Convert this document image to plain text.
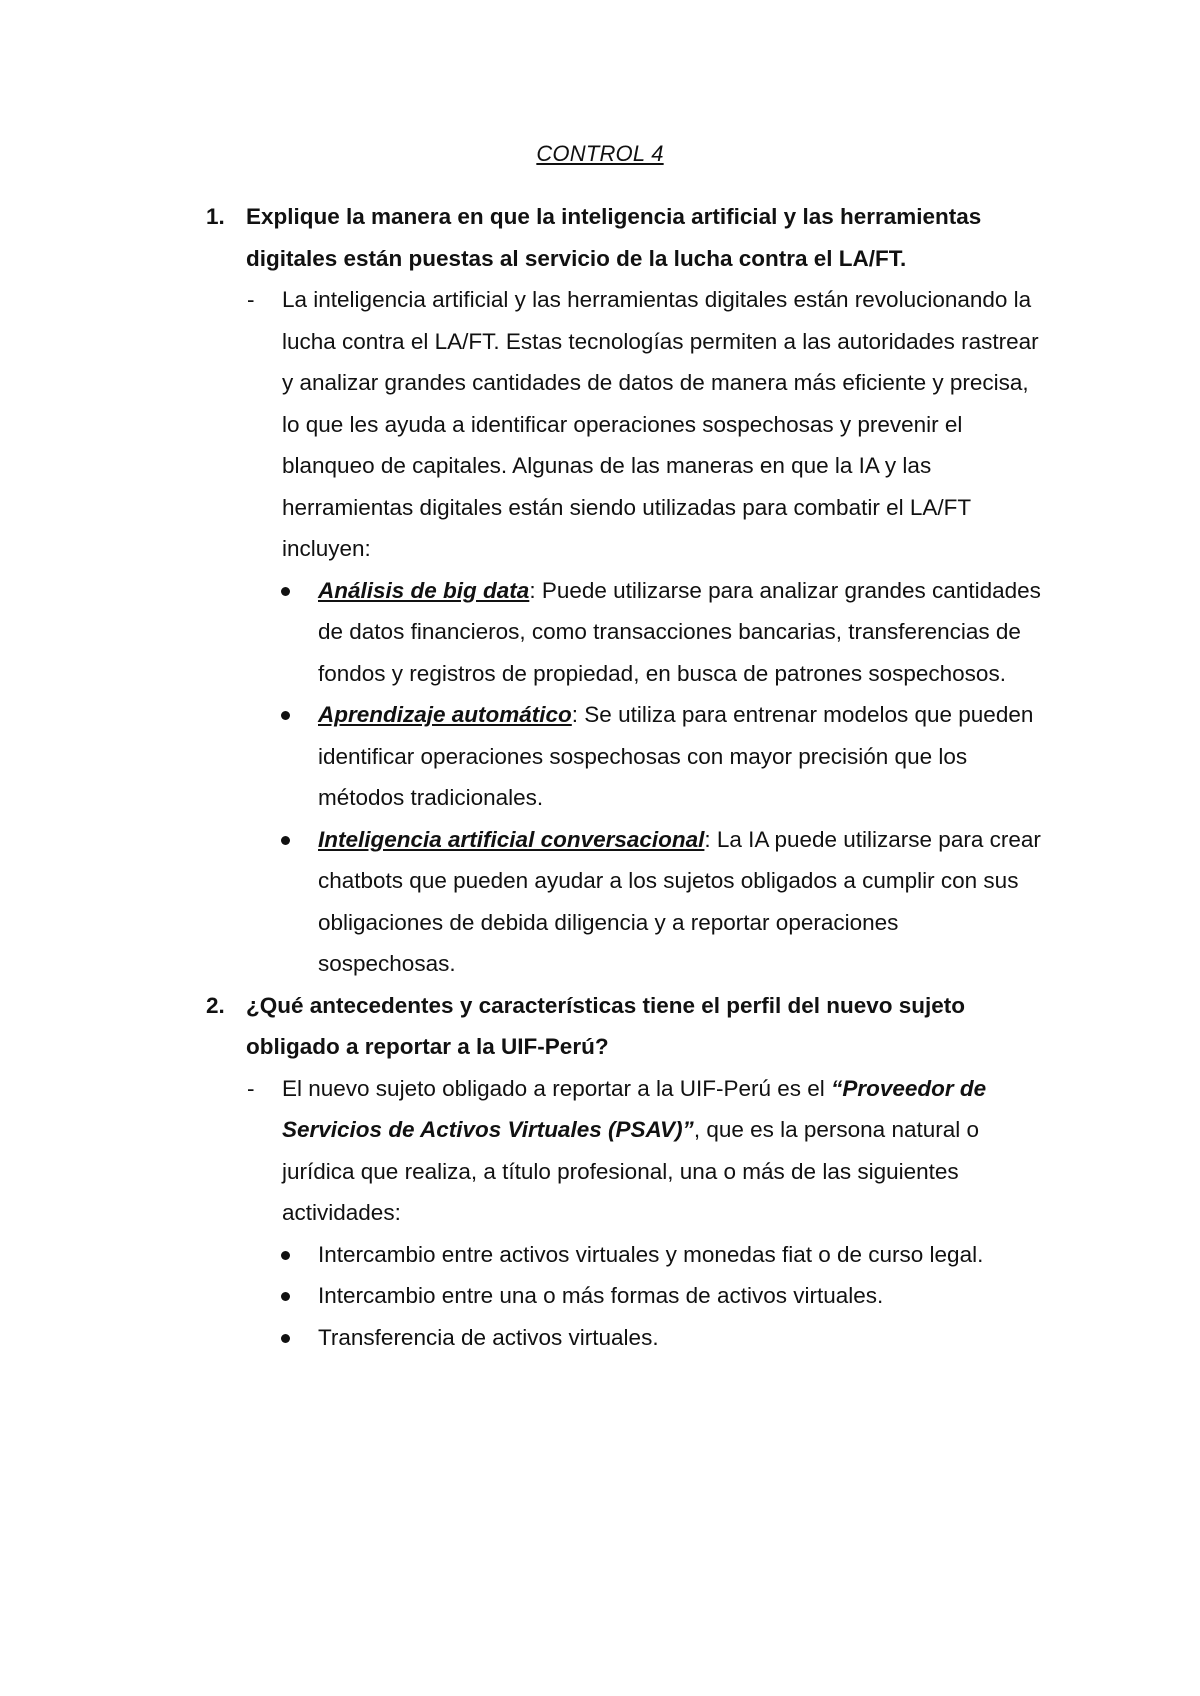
CONTROL 4
1. Explique la manera en que la inteligencia artificial y las herramientas digitales están puestas al servicio de la lucha contra el LA/FT.
- La inteligencia artificial y las herramientas digitales están revolucionando la lucha contra el LA/FT. Estas tecnologías permiten a las autoridades rastrear y analizar grandes cantidades de datos de manera más eficiente y precisa, lo que les ayuda a identificar operaciones sospechosas y prevenir el blanqueo de capitales. Algunas de las maneras en que la IA y las herramientas digitales están siendo utilizadas para combatir el LA/FT incluyen:
Análisis de big data: Puede utilizarse para analizar grandes cantidades de datos financieros, como transacciones bancarias, transferencias de fondos y registros de propiedad, en busca de patrones sospechosos.
Aprendizaje automático: Se utiliza para entrenar modelos que pueden identificar operaciones sospechosas con mayor precisión que los métodos tradicionales.
Inteligencia artificial conversacional: La IA puede utilizarse para crear chatbots que pueden ayudar a los sujetos obligados a cumplir con sus obligaciones de debida diligencia y a reportar operaciones sospechosas.
2. ¿Qué antecedentes y características tiene el perfil del nuevo sujeto obligado a reportar a la UIF-Perú?
- El nuevo sujeto obligado a reportar a la UIF-Perú es el “Proveedor de Servicios de Activos Virtuales (PSAV)”, que es la persona natural o jurídica que realiza, a título profesional, una o más de las siguientes actividades:
Intercambio entre activos virtuales y monedas fiat o de curso legal.
Intercambio entre una o más formas de activos virtuales.
Transferencia de activos virtuales.
